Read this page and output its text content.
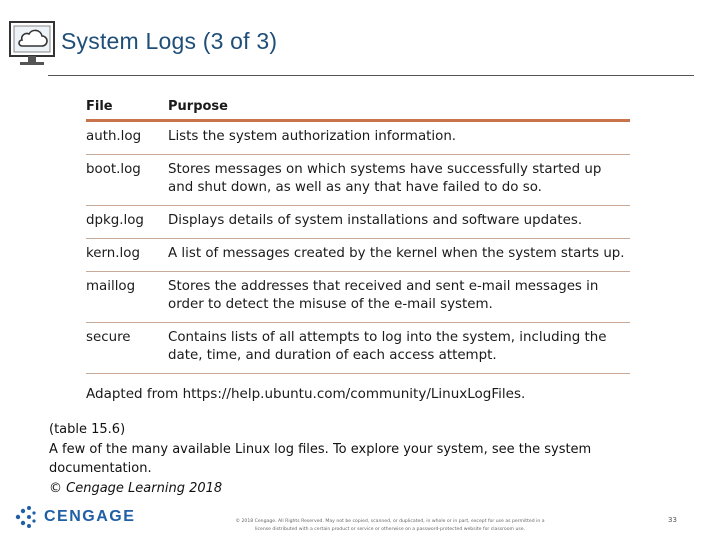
System Logs (3 of 3)
File	Purpose
auth.log	Lists the system authorization information.
boot.log	Stores messages on which systems have successfully started up and shut down, as well as any that have failed to do so.
dpkg.log	Displays details of system installations and software updates.
kern.log	A list of messages created by the kernel when the system starts up.
maillog	Stores the addresses that received and sent e-mail messages in order to detect the misuse of the e-mail system.
secure	Contains lists of all attempts to log into the system, including the date, time, and duration of each access attempt.
Adapted from https://help.ubuntu.com/community/LinuxLogFiles.
(table 15.6)
A few of the many available Linux log files. To explore your system, see the system documentation.
© Cengage Learning 2018
CENGAGE	© 2018 Cengage. All Rights Reserved. May not be copied, scanned, or duplicated, in whole or in part, except for use as permitted in a
license distributed with a certain product or service or otherwise on a password-protected website for classroom use.
33
